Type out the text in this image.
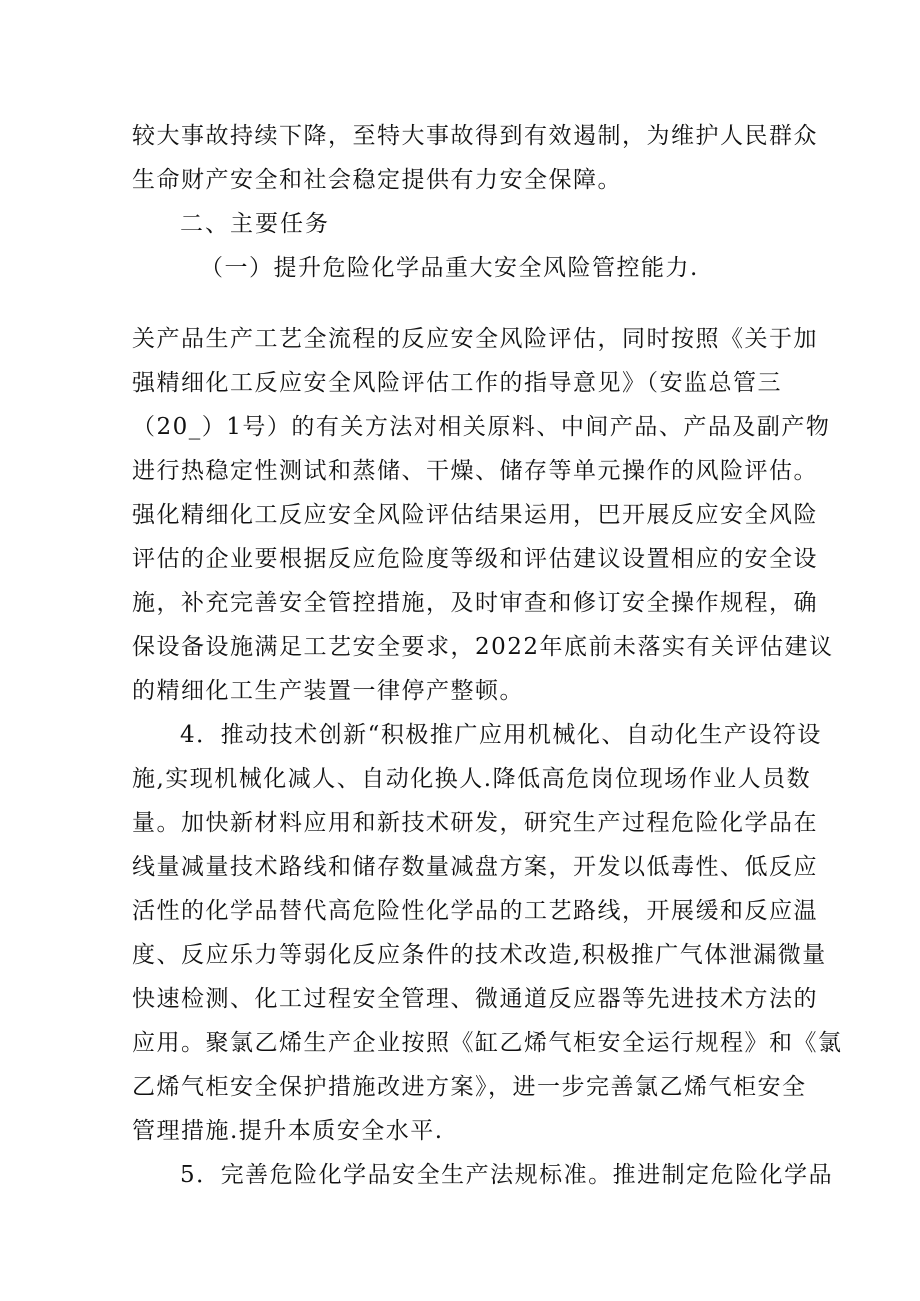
较大事故持续下降，至特大事故得到有效遏制，为维护人民群众
生命财产安全和社会稳定提供有力安全保障。
二、主要任务
（一）提升危险化学品重大安全风险管控能力.
关产品生产工艺全流程的反应安全风险评估，同时按照《关于加
强精细化工反应安全风险评估工作的指导意见》（安监总管三
（20_）1号）的有关方法对相关原料、中间产品、产品及副产物
进行热稳定性测试和蒸储、干燥、储存等单元操作的风险评估。
强化精细化工反应安全风险评估结果运用，巴开展反应安全风险
评估的企业要根据反应危险度等级和评估建议设置相应的安全设
施，补充完善安全管控措施，及时审查和修订安全操作规程，确
保设备设施满足工艺安全要求，2022年底前未落实有关评估建议
的精细化工生产装置一律停产整顿。
4．推动技术创新“积极推广应用机械化、自动化生产设符设
施,实现机械化减人、自动化换人.降低高危岗位现场作业人员数
量。加快新材料应用和新技术研发，研究生产过程危险化学品在
线量减量技术路线和储存数量减盘方案，开发以低毒性、低反应
活性的化学品替代高危险性化学品的工艺路线，开展缓和反应温
度、反应乐力等弱化反应条件的技术改造,积极推广气体泄漏微量
快速检测、化工过程安全管理、微通道反应器等先进技术方法的
应用。聚氯乙烯生产企业按照《缸乙烯气柜安全运行规程》和《氯
乙烯气柜安全保护措施改进方案》，进一步完善氯乙烯气柜安全
管理措施.提升本质安全水平.
5．完善危险化学品安全生产法规标准。推进制定危险化学品
